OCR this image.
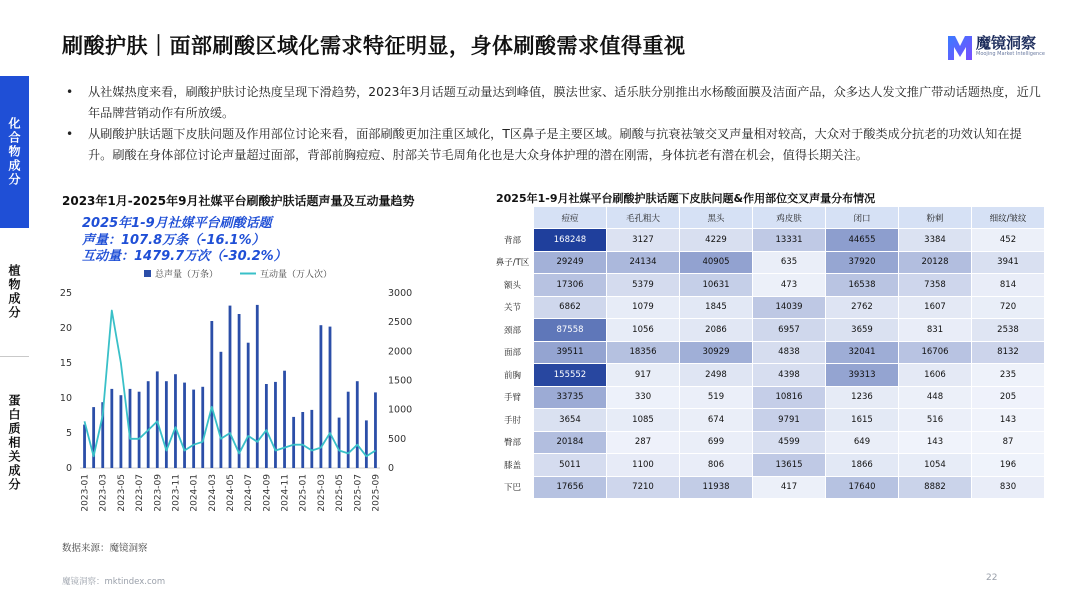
刷酸护肤｜面部刷酸区域化需求特征明显，身体刷酸需求值得重视	魔镜洞察
Moojing Market Intelligence
化合物成分
植物成分
蛋白质相关成分

• 从社媒热度来看，刷酸护肤讨论热度呈现下滑趋势，2023年3月话题互动量达到峰值，膜法世家、适乐肤分别推出水杨酸面膜及洁面产品，众多达人发文推广带动话题热度，近几年品牌营销动作有所放缓。

• 从刷酸护肤话题下皮肤问题及作用部位讨论来看，面部刷酸更加注重区域化，T区鼻子是主要区域。刷酸与抗衰祛皱交叉声量相对较高，大众对于酸类成分抗老的功效认知在提升。刷酸在身体部位讨论声量超过面部，背部前胸痘痘、肘部关节毛周角化也是大众身体护理的潜在刚需，身体抗老有潜在机会，值得长期关注。

2023年1月-2025年9月社媒平台刷酸护肤话题声量及互动量趋势
2025年1-9月社媒平台刷酸话题
声量：107.8万条（-16.1%）
互动量：1479.7万次（-30.2%）
总声量（万条）	互动量（万人次）
0
5
10
15
20
25
0
500
1000
1500
2000
2500
3000
2023-01 2023-03 2023-05 2023-07 2023-09 2023-11 2024-01 2024-03 2024-05 2024-07 2024-09 2024-11 2025-01 2025-03 2025-05 2025-07 2025-09
数据来源：魔镜洞察
2025年1-9月社媒平台刷酸护肤话题下皮肤问题&作用部位交叉声量分布情况
	痘痘	毛孔粗大	黑头	鸡皮肤	闭口	粉刺	细纹/皱纹
背部	168248	3127	4229	13331	44655	3384	452
鼻子/T区	29249	24134	40905	635	37920	20128	3941
额头	17306	5379	10631	473	16538	7358	814
关节	6862	1079	1845	14039	2762	1607	720
颈部	87558	1056	2086	6957	3659	831	2538
面部	39511	18356	30929	4838	32041	16706	8132
前胸	155552	917	2498	4398	39313	1606	235
手臂	33735	330	519	10816	1236	448	205
手肘	3654	1085	674	9791	1615	516	143
臀部	20184	287	699	4599	649	143	87
膝盖	5011	1100	806	13615	1866	1054	196
下巴	17656	7210	11938	417	17640	8882	830
魔镜洞察：mktindex.com	22
